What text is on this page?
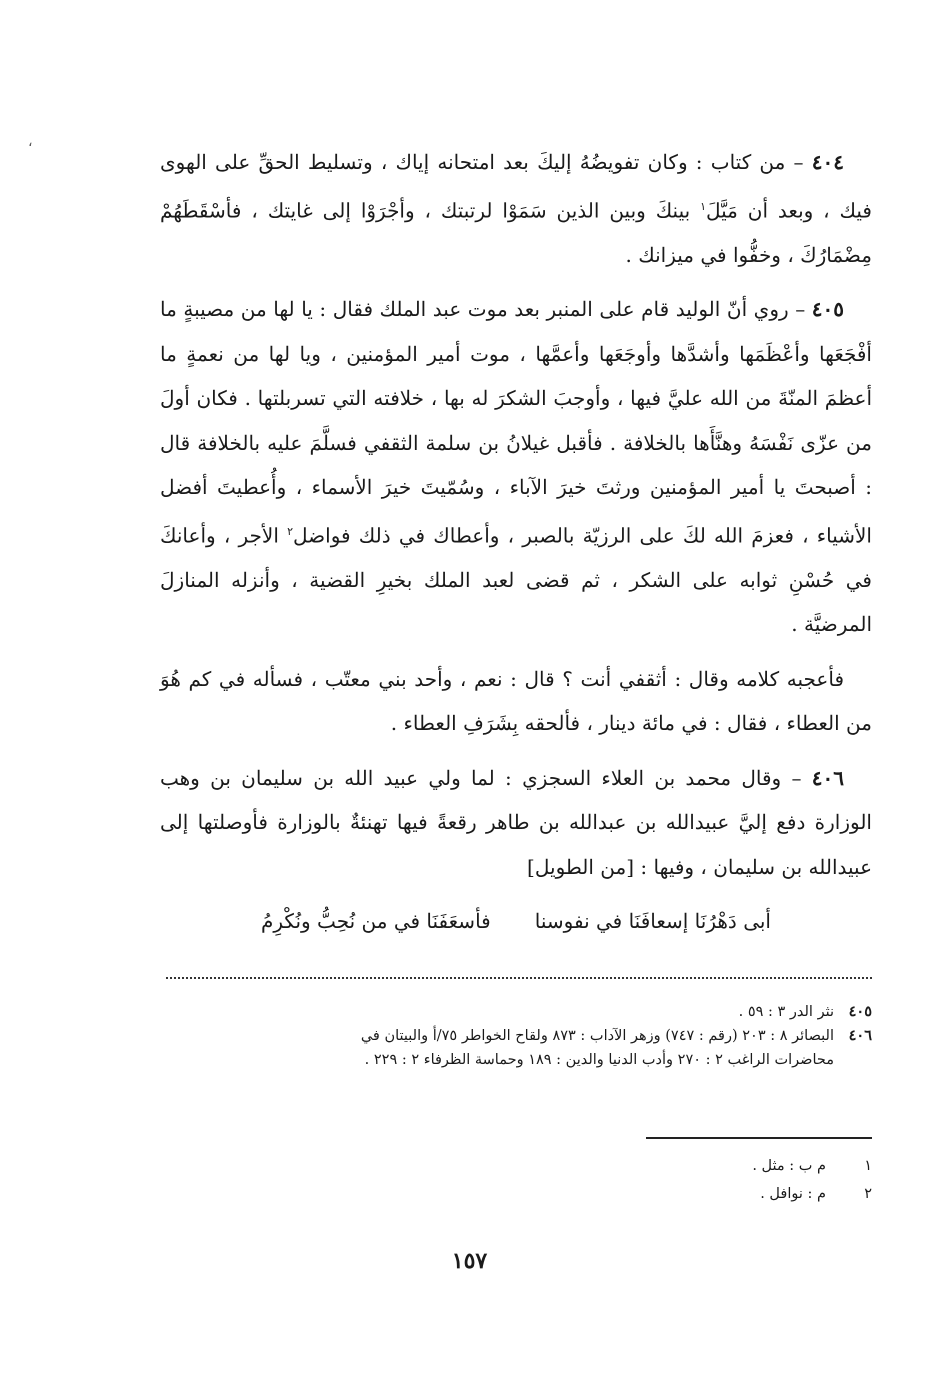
،

٤٠٤ – من كتاب : وكان تفويضُهُ إليكَ بعد امتحانه إياك ، وتسليط الحقِّ على الهوى فيك ، وبعد أن مَيَّلَ$^١$ بينكَ وبين الذين سَمَوْا لرتبتك ، وأجْرَوْا إلى غايتك ، فأسْقَطَهُمْ مِضْمَارُكَ ، وخفُّوا في ميزانك .

٤٠٥ – روي أنّ الوليد قام على المنبر بعد موت عبد الملك فقال : يا لها من مصيبةٍ ما أفْجَعَها وأعْظَمَها وأشدَّها وأوجَعَها وأعمَّها ، موت أمير المؤمنين ، ويا لها من نعمةٍ ما أعظمَ المنّةَ من الله عليَّ فيها ، وأوجبَ الشكرَ له بها ، خلافته التي تسربلتها . فكان أولَ من عزّى نَفْسَهُ وهنَّأَها بالخلافة . فأقبل غيلانُ بن سلمة الثقفي فسلَّمَ عليه بالخلافة قال : أصبحتَ يا أمير المؤمنين ورثتَ خيرَ الآباء ، وسُمّيتَ خيرَ الأسماء ، وأُعطيتَ أفضل الأشياء ، فعزمَ الله لكَ على الرزيّة بالصبر ، وأعطاك في ذلك فواضل$^٢$ الأجر ، وأعانكَ في حُسْنِ ثوابه على الشكر ، ثم قضى لعبد الملك بخيرِ القضية ، وأنزله المنازلَ المرضيَّة .

فأعجبه كلامه وقال : أثقفي أنت ؟ قال : نعم ، وأحد بني معتّب ، فسأله في كم هُوَ من العطاء ، فقال : في مائة دينار ، فألحقه بِشَرَفِ العطاء .

٤٠٦ – وقال محمد بن العلاء السجزي : لما ولي عبيد الله بن سليمان بن وهب الوزارة دفع إليَّ عبيدالله بن عبدالله بن طاهر رقعةً فيها تهنئةٌ بالوزارة فأوصلتها إلى عبيدالله بن سليمان ، وفيها : [من الطويل]

أبى دَهْرُنَا إسعافَنَا في نفوسنا
فأسعَفَنَا في من نُحِبُّ ونُكْرِمُ
٤٠٥نثر الدر ٣ : ٥٩ .
٤٠٦البصائر ٨ : ٢٠٣ (رقم : ٧٤٧) وزهر الآداب : ٨٧٣ ولقاح الخواطر ٧٥/أ والبيتان في
محاضرات الراغب ٢ : ٢٧٠ وأدب الدنيا والدين : ١٨٩ وحماسة الظرفاء ٢ : ٢٢٩ .
١م ب : مثل .
٢م : نوافل .
١٥٧
